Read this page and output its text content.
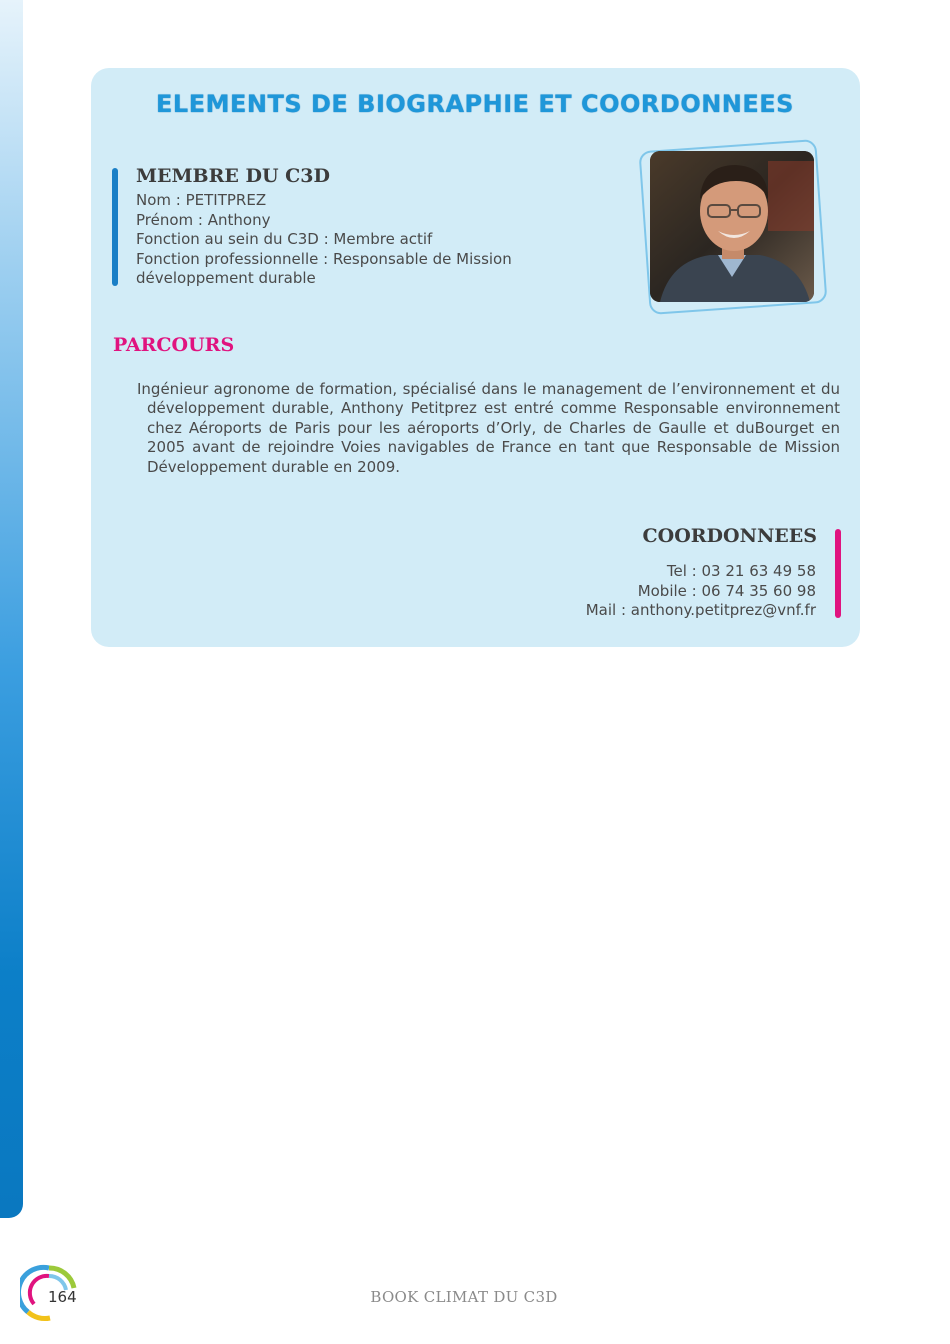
ELEMENTS DE BIOGRAPHIE ET COORDONNEES
MEMBRE DU C3D
Nom : PETITPREZ
Prénom : Anthony
Fonction au sein du C3D : Membre actif
Fonction professionnelle : Responsable de Mission développement durable
PARCOURS

Ingénieur agronome de formation, spécialisé dans le management de l’environnement et du développement durable, Anthony Petitprez est entré comme Responsable environnement chez Aéroports de Paris pour les aéroports d’Orly, de Charles de Gaulle et duBourget en 2005 avant de rejoindre Voies navigables de France en tant que Responsable de Mission Développement durable en 2009.

COORDONNEES
Tel : 03 21 63 49 58
Mobile : 06 74 35 60 98
Mail : anthony.petitprez@vnf.fr
164	BOOK CLIMAT DU C3D
